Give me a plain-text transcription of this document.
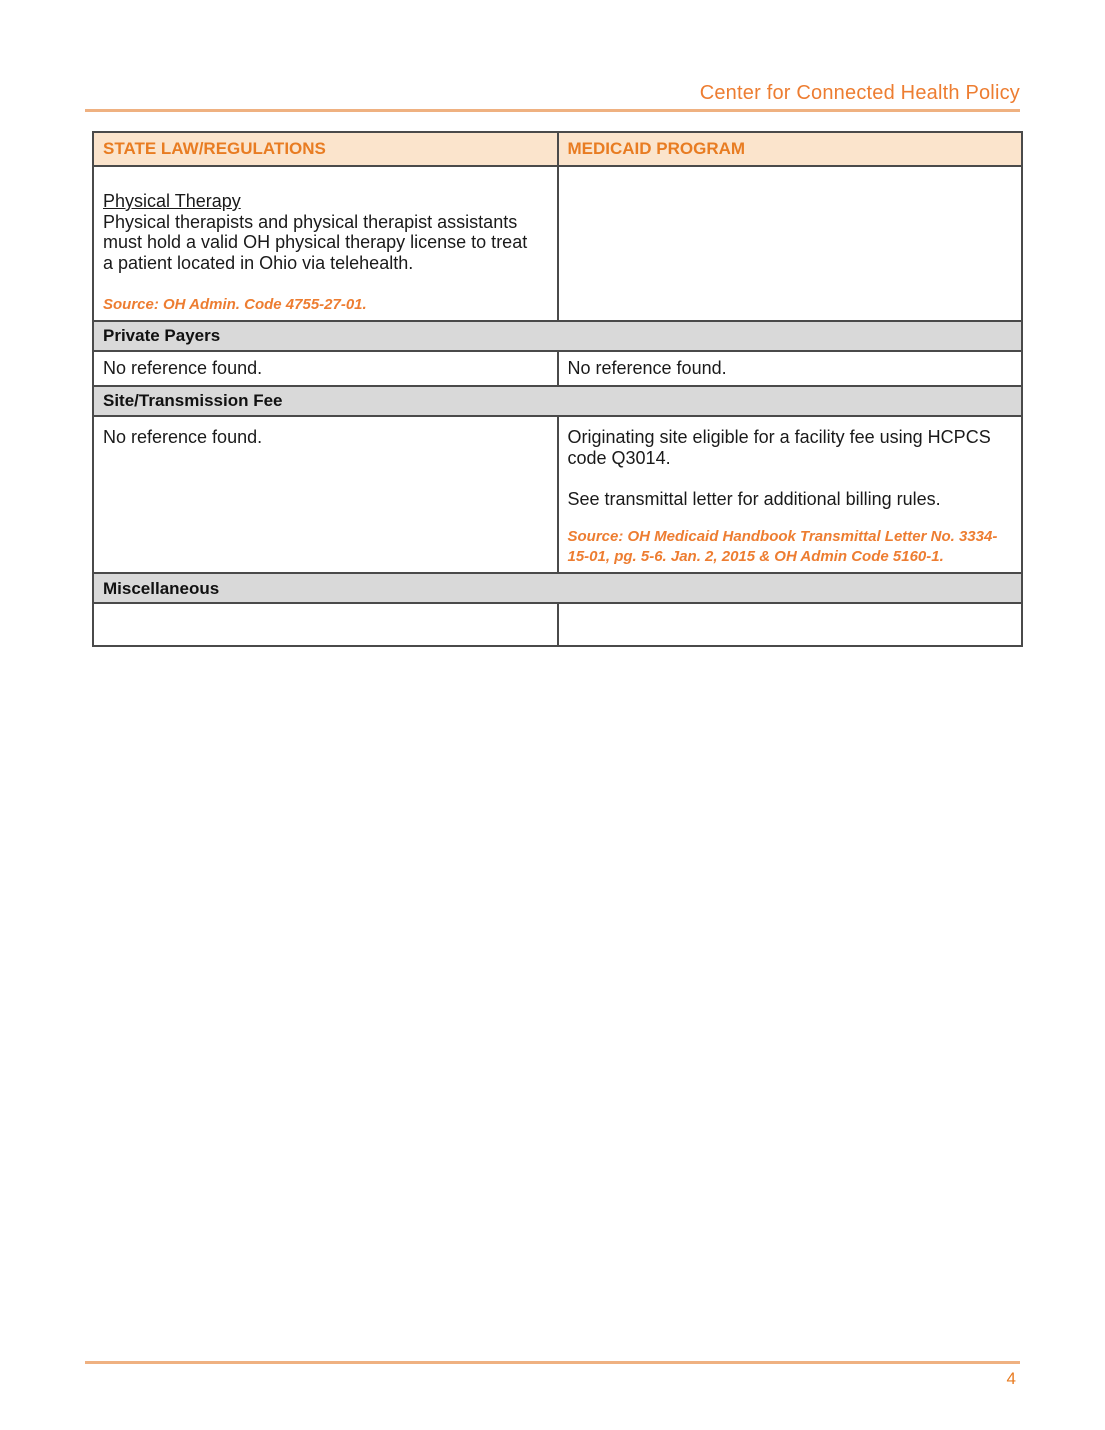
Center for Connected Health Policy
STATE LAW/REGULATIONS	MEDICAID PROGRAM

Physical Therapy
Physical therapists and physical therapist assistants must hold a valid OH physical therapy license to treat a patient located in Ohio via telehealth.
Source: OH Admin. Code 4755-27-01.	

Private Payers	
No reference found.	No reference found.
Site/Transmission Fee	
No reference found.	Originating site eligible for a facility fee using HCPCS code Q3014.
See transmittal letter for additional billing rules.
Source: OH Medicaid Handbook Transmittal Letter No. 3334-15-01, pg. 5-6. Jan. 2, 2015 & OH Admin Code 5160-1.

Miscellaneous	

4
